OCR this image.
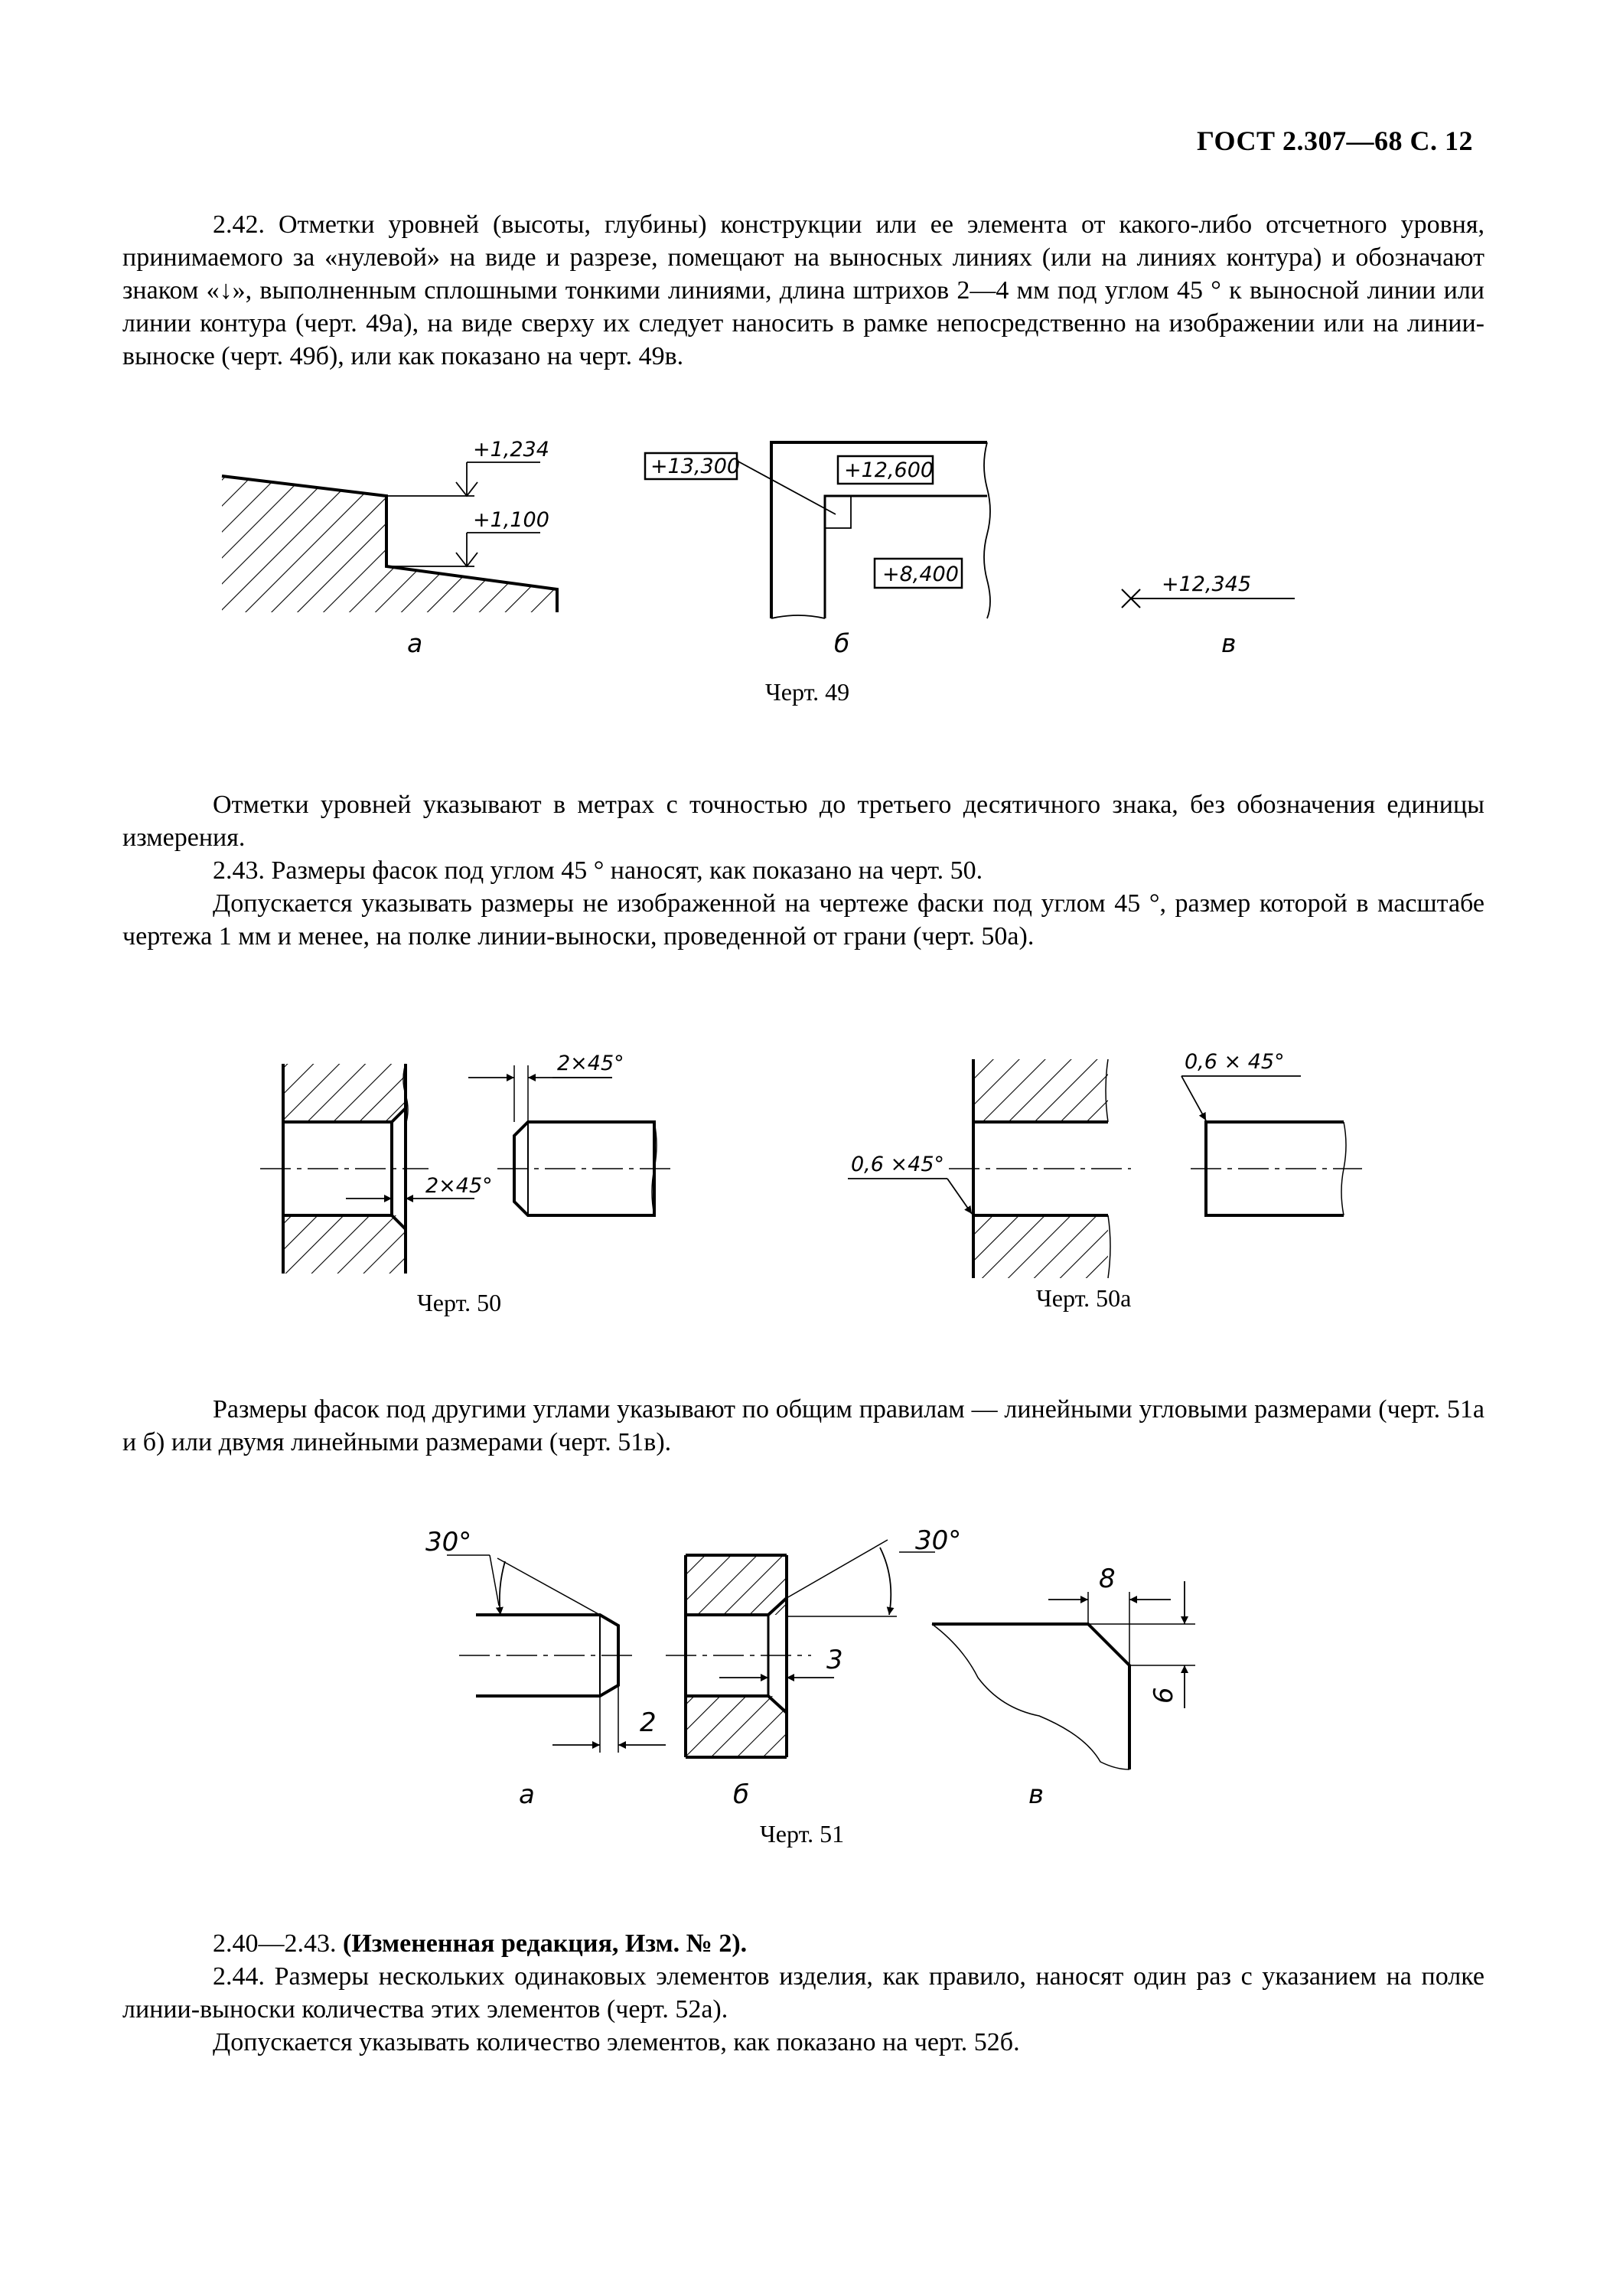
ГОСТ 2.307—68 С. 12

2.42. Отметки уровней (высоты, глубины) конструкции или ее элемента от какого-либо отсчетного уровня, принимаемого за «нулевой» на виде и разрезе, помещают на выносных линиях (или на линиях контура) и обозначают знаком «↓», выполненным сплошными тонкими линиями, длина штрихов 2—4 мм под углом 45 ° к выносной линии или линии контура (черт. 49а), на виде сверху их следует наносить в рамке непосредственно на изображении или на линии-выноске (черт. 49б), или как показано на черт. 49в.

Отметки уровней указывают в метрах с точностью до третьего десятичного знака, без обозначения единицы измерения.

2.43. Размеры фасок под углом 45 ° наносят, как показано на черт. 50.

Допускается указывать размеры не изображенной на чертеже фаски под углом 45 °, размер которой в масштабе чертежа 1 мм и менее, на полке линии-выноски, проведенной от грани (черт. 50а).

Размеры фасок под другими углами указывают по общим правилам — линейными угловыми размерами (черт. 51а и б) или двумя линейными размерами (черт. 51в).

2.40—2.43. (Измененная редакция, Изм. № 2).

2.44. Размеры нескольких одинаковых элементов изделия, как правило, наносят один раз с указанием на полке линии-выноски количества этих элементов (черт. 52а).

Допускается указывать количество элементов, как показано на черт. 52б.

Черт. 49
Черт. 50	Черт. 50а
Черт. 51
+1,234
+1,100
а
+13,300	+12,600
+8,400
б
+12,345
в
2×45°
2×45°
0,6 ×45°
0,6 × 45°
30°
2
а
30°
3
б
8
6
в
